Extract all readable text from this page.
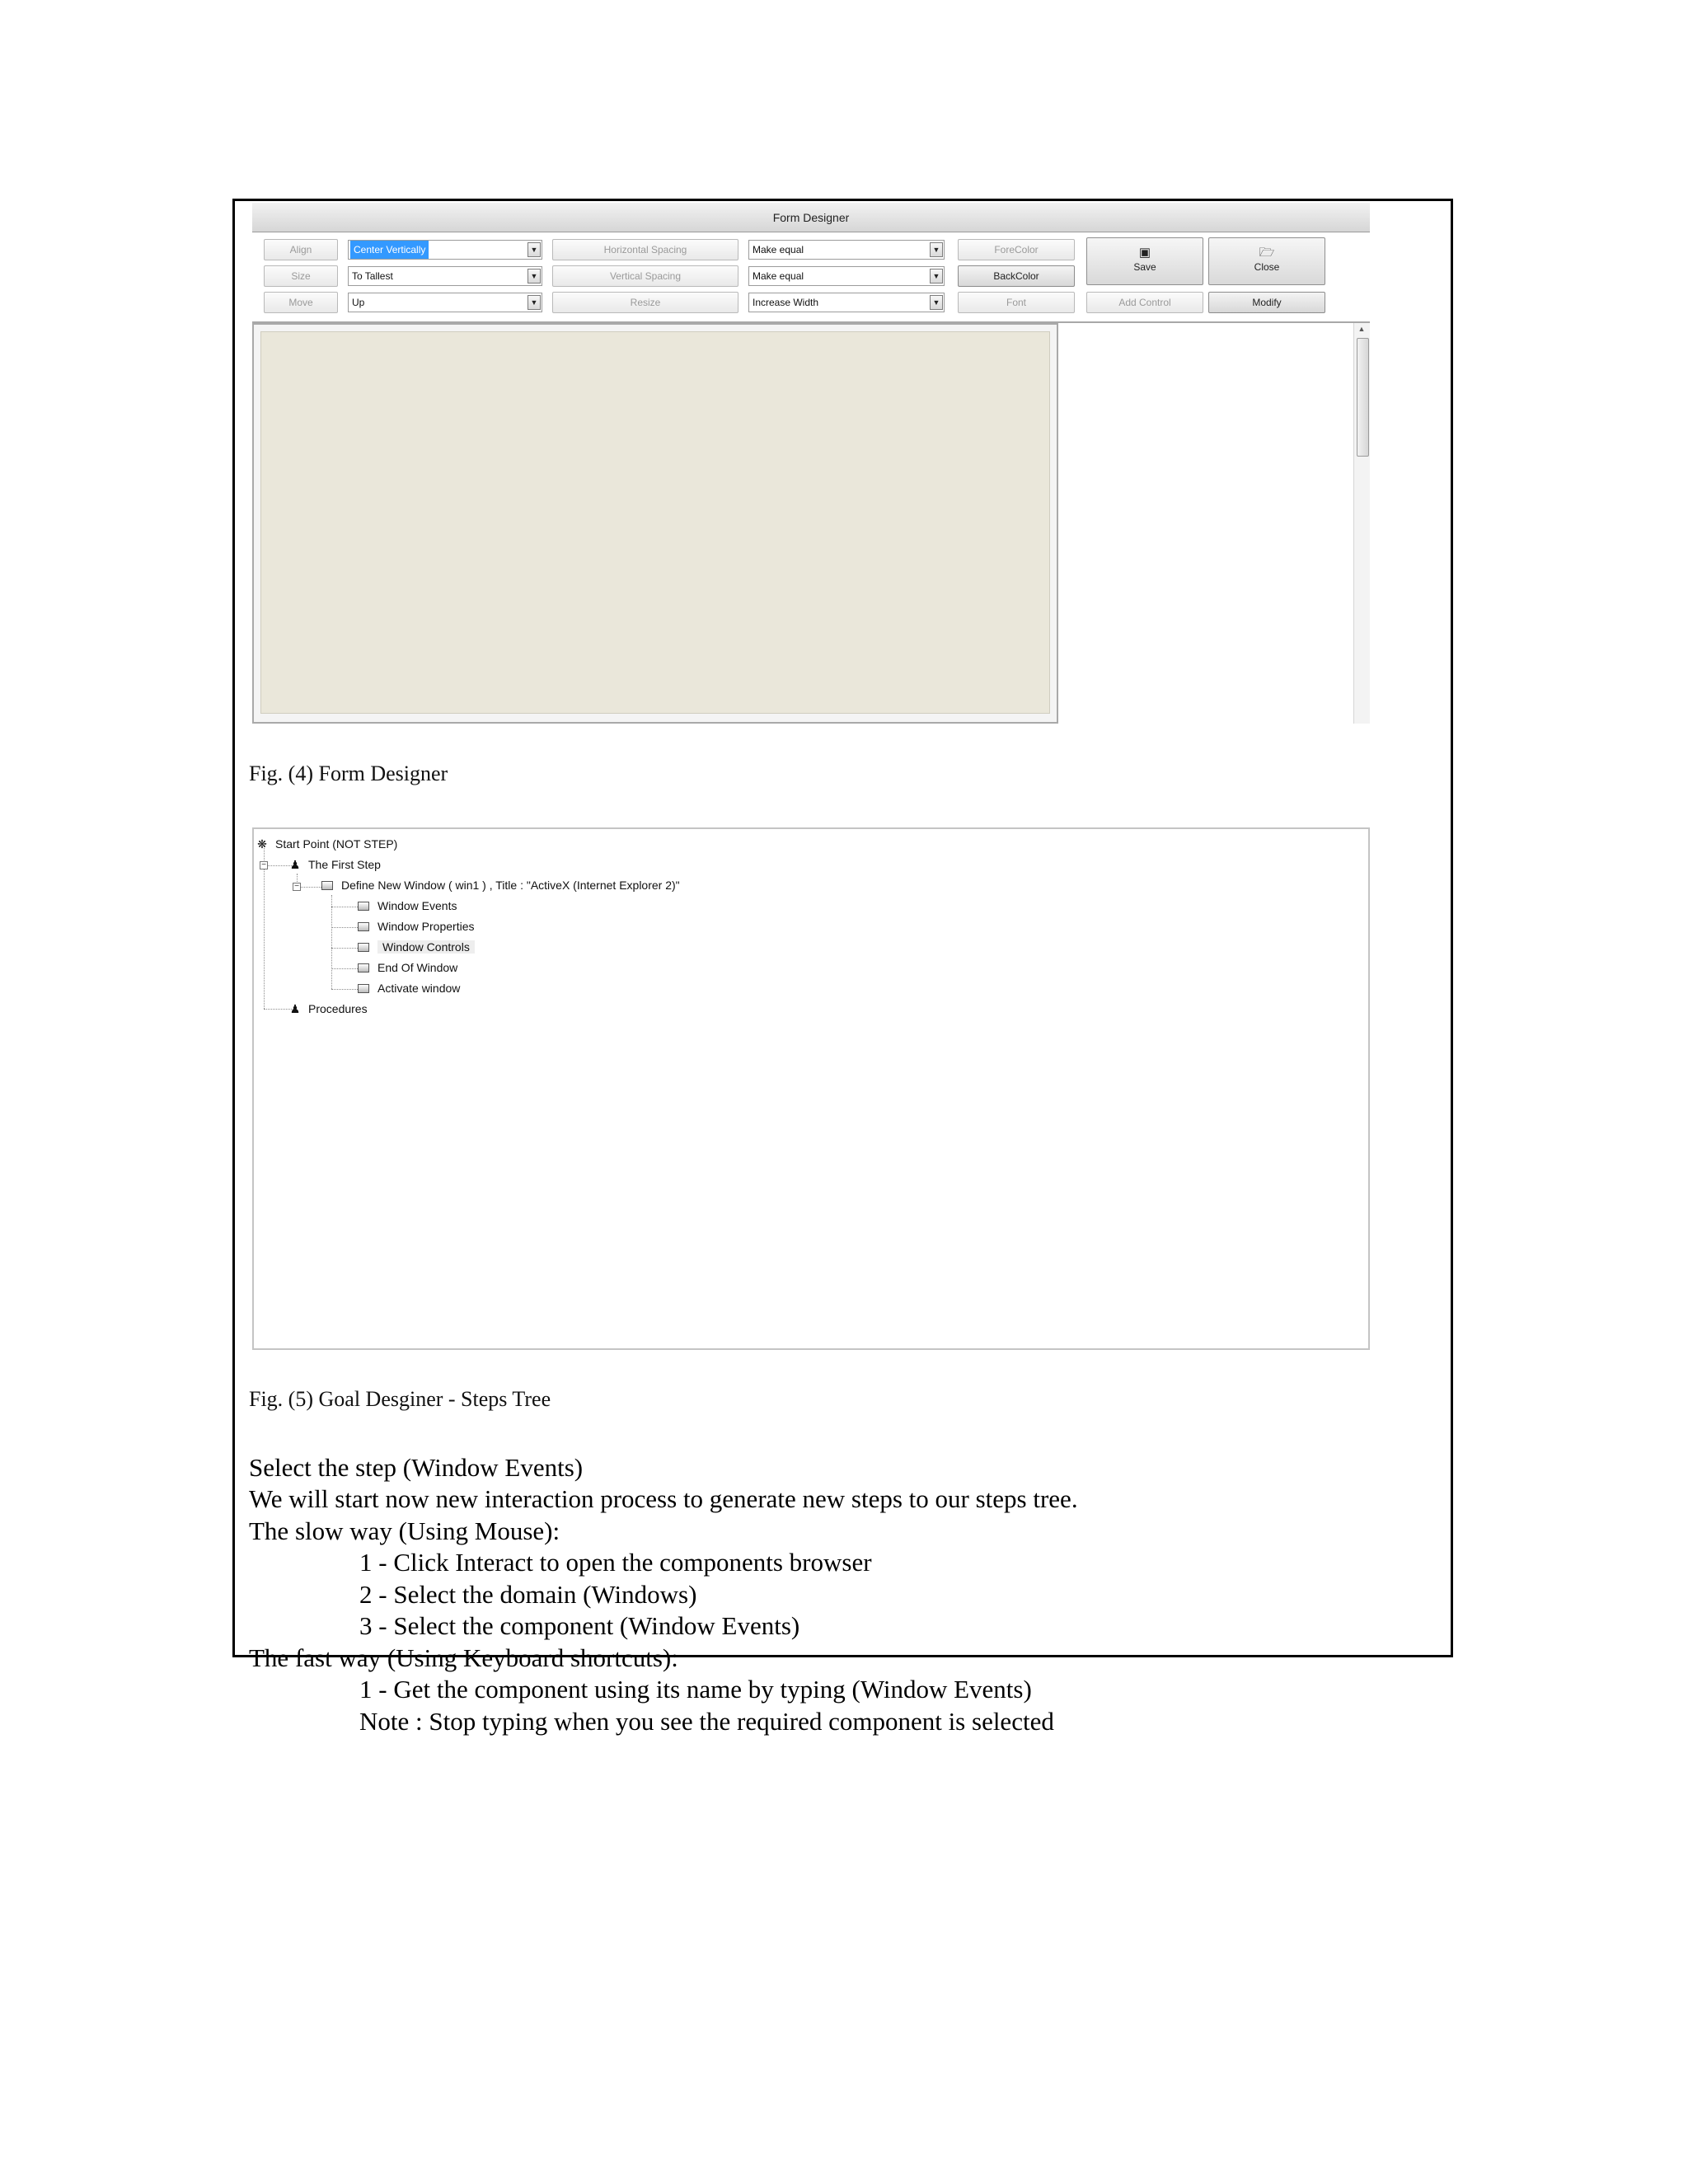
Form Designer
Align
Size
Move
Center Vertically	▼
To Tallest	▼
Up	▼
Horizontal Spacing
Vertical Spacing
Resize
Make equal	▼
Make equal	▼
Increase Width	▼
ForeColor
BackColor
Font
▣
Save
🗁
Close
Add Control	Modify
▲
Fig. (4) Form Designer
−
−
❋ Start Point (NOT STEP)
♟ The First Step
Define New Window ( win1 ) , Title : "ActiveX (Internet Explorer 2)"
Window Events
Window Properties
Window Controls
End Of Window
Activate window
♟ Procedures
Fig. (5) Goal Desginer - Steps Tree
Select the step (Window Events)
We will start now new interaction process to generate new steps to our steps tree.
The slow way (Using Mouse):
1 - Click Interact to open the components browser
2 - Select the domain (Windows)
3 - Select the component (Window Events)
The fast way (Using Keyboard shortcuts):
1 - Get the component using its name by typing (Window Events)
Note : Stop typing when you see the required component is selected
